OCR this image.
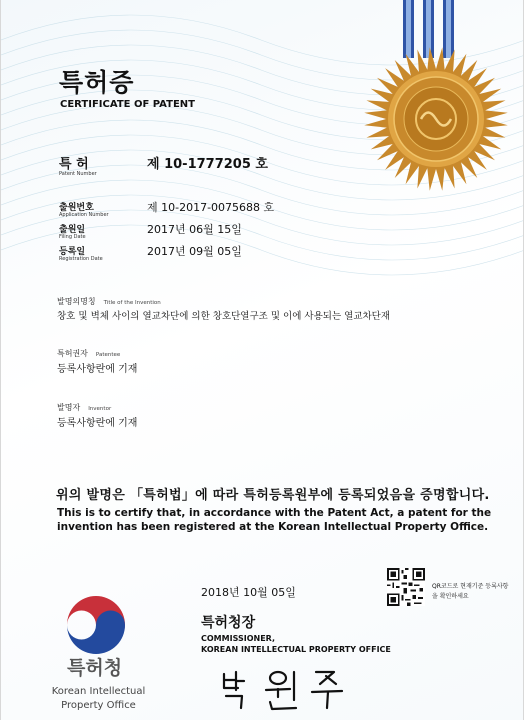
특허증
CERTIFICATE OF PATENT
특 허
Patent Number
제 10-1777205 호
출원번호
Application Number
제 10-2017-0075688 호
출원일
Filing Date
2017년 06월 15일
등록일
Registration Date
2017년 09월 05일
발명의명칭 Title of the Invention
창호 및 벽체 사이의 열교차단에 의한 창호단열구조 및 이에 사용되는 열교차단재
특허권자 Patentee
등록사항란에 기재
발명자 Inventor
등록사항란에 기재
위의 발명은 「특허법」에 따라 특허등록원부에 등록되었음을 증명합니다.
This is to certify that, in accordance with the Patent Act, a patent for the invention has been registered at the Korean Intellectual Property Office.
2018년 10월 05일	QR코드로 현재기준 등록사항을 확인하세요
특허청장
COMMISSIONER,
KOREAN INTELLECTUAL PROPERTY OFFICE
특허청
Korean Intellectual Property Office
